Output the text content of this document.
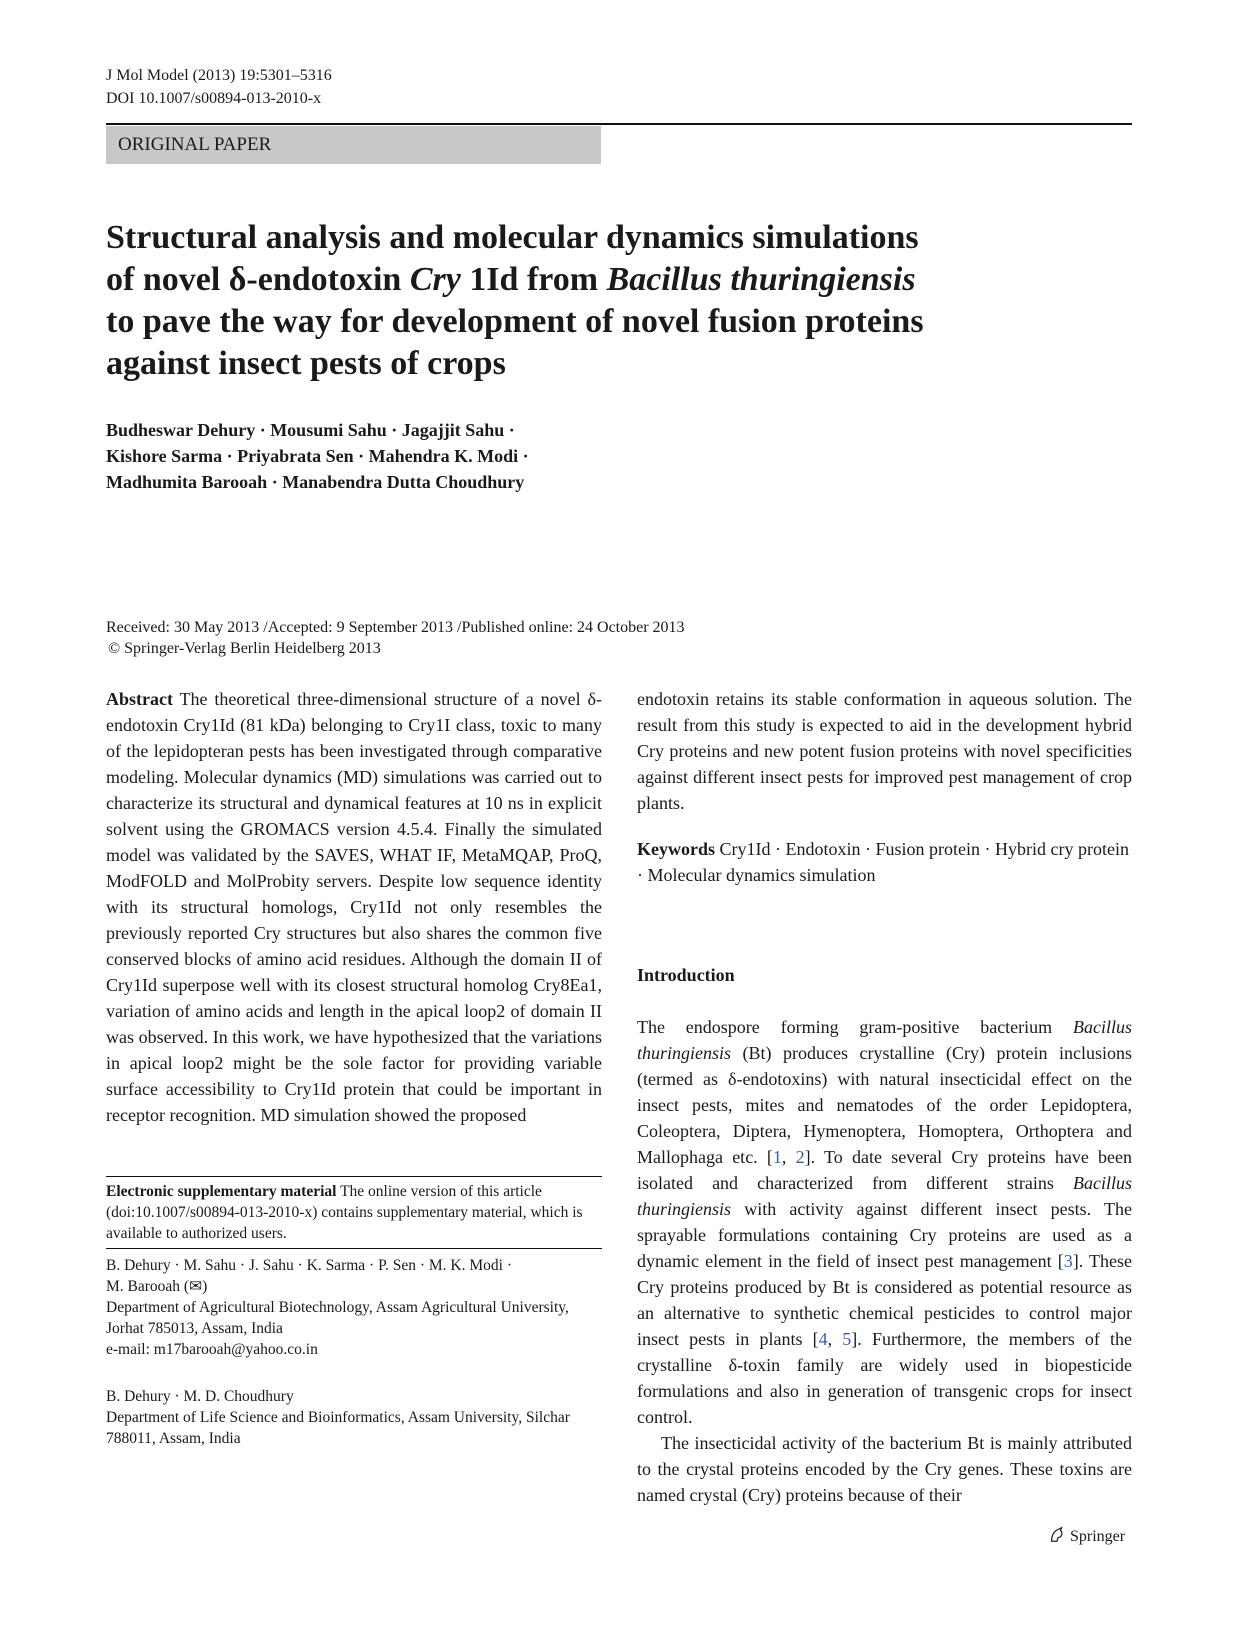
J Mol Model (2013) 19:5301–5316
DOI 10.1007/s00894-013-2010-x
ORIGINAL PAPER
Structural analysis and molecular dynamics simulations
of novel δ-endotoxin Cry 1Id from Bacillus thuringiensis
to pave the way for development of novel fusion proteins
against insect pests of crops
Budheswar Dehury · Mousumi Sahu · Jagajjit Sahu ·
Kishore Sarma · Priyabrata Sen · Mahendra K. Modi ·
Madhumita Barooah · Manabendra Dutta Choudhury
Received: 30 May 2013 /Accepted: 9 September 2013 /Published online: 24 October 2013
© Springer-Verlag Berlin Heidelberg 2013

Abstract The theoretical three-dimensional structure of a novel δ-endotoxin Cry1Id (81 kDa) belonging to Cry1I class, toxic to many of the lepidopteran pests has been investigated through comparative modeling. Molecular dynamics (MD) simulations was carried out to characterize its structural and dynamical features at 10 ns in explicit solvent using the GROMACS version 4.5.4. Finally the simulated model was validated by the SAVES, WHAT IF, MetaMQAP, ProQ, ModFOLD and MolProbity servers. Despite low sequence identity with its structural homologs, Cry1Id not only resembles the previously reported Cry structures but also shares the common five conserved blocks of amino acid residues. Although the domain II of Cry1Id superpose well with its closest structural homolog Cry8Ea1, variation of amino acids and length in the apical loop2 of domain II was observed. In this work, we have hypothesized that the variations in apical loop2 might be the sole factor for providing variable surface accessibility to Cry1Id protein that could be important in receptor recognition. MD simulation showed the proposed

Electronic supplementary material The online version of this article (doi:10.1007/s00894-013-2010-x) contains supplementary material, which is available to authorized users.
B. Dehury · M. Sahu · J. Sahu · K. Sarma · P. Sen · M. K. Modi ·
M. Barooah (✉)
Department of Agricultural Biotechnology, Assam Agricultural University, Jorhat 785013, Assam, India
e-mail: m17barooah@yahoo.co.in
B. Dehury · M. D. Choudhury
Department of Life Science and Bioinformatics, Assam University, Silchar 788011, Assam, India

endotoxin retains its stable conformation in aqueous solution. The result from this study is expected to aid in the development hybrid Cry proteins and new potent fusion proteins with novel specificities against different insect pests for improved pest management of crop plants.

Keywords Cry1Id · Endotoxin · Fusion protein · Hybrid cry protein · Molecular dynamics simulation

Introduction

The endospore forming gram-positive bacterium Bacillus thuringiensis (Bt) produces crystalline (Cry) protein inclusions (termed as δ-endotoxins) with natural insecticidal effect on the insect pests, mites and nematodes of the order Lepidoptera, Coleoptera, Diptera, Hymenoptera, Homoptera, Orthoptera and Mallophaga etc. [1, 2]. To date several Cry proteins have been isolated and characterized from different strains Bacillus thuringiensis with activity against different insect pests. The sprayable formulations containing Cry proteins are used as a dynamic element in the field of insect pest management [3]. These Cry proteins produced by Bt is considered as potential resource as an alternative to synthetic chemical pesticides to control major insect pests in plants [4, 5]. Furthermore, the members of the crystalline δ-toxin family are widely used in biopesticide formulations and also in generation of transgenic crops for insect control.

The insecticidal activity of the bacterium Bt is mainly attributed to the crystal proteins encoded by the Cry genes. These toxins are named crystal (Cry) proteins because of their

Springer
